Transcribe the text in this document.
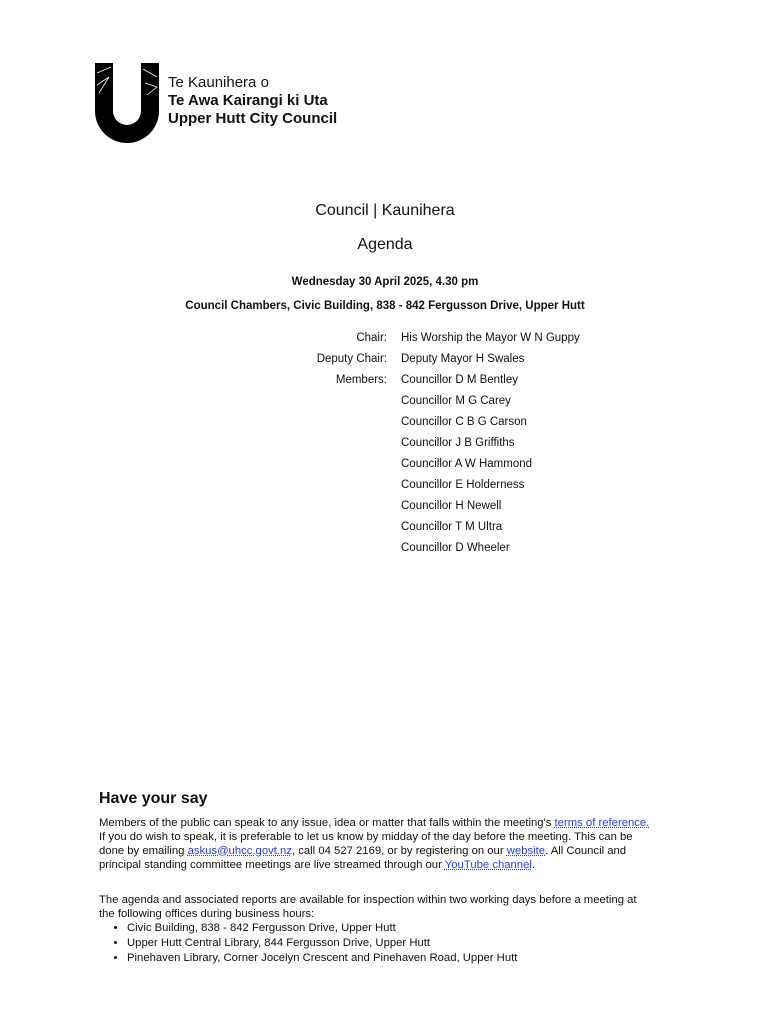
Te Kaunihera o
Te Awa Kairangi ki Uta
Upper Hutt City Council
Council | Kaunihera
Agenda
Wednesday 30 April 2025, 4.30 pm
Council Chambers, Civic Building, 838 - 842 Fergusson Drive, Upper Hutt
Chair: His Worship the Mayor W N Guppy
Deputy Chair: Deputy Mayor H Swales
Members: Councillor D M Bentley
Councillor M G Carey
Councillor C B G Carson
Councillor J B Griffiths
Councillor A W Hammond
Councillor E Holderness
Councillor H Newell
Councillor T M Ultra
Councillor D Wheeler
Have your say
Members of the public can speak to any issue, idea or matter that falls within the meeting's terms of reference. If you do wish to speak, it is preferable to let us know by midday of the day before the meeting. This can be done by emailing askus@uhcc.govt.nz, call 04 527 2169, or by registering on our website. All Council and principal standing committee meetings are live streamed through our YouTube channel.
The agenda and associated reports are available for inspection within two working days before a meeting at the following offices during business hours:
• Civic Building, 838 - 842 Fergusson Drive, Upper Hutt
• Upper Hutt Central Library, 844 Fergusson Drive, Upper Hutt
• Pinehaven Library, Corner Jocelyn Crescent and Pinehaven Road, Upper Hutt
